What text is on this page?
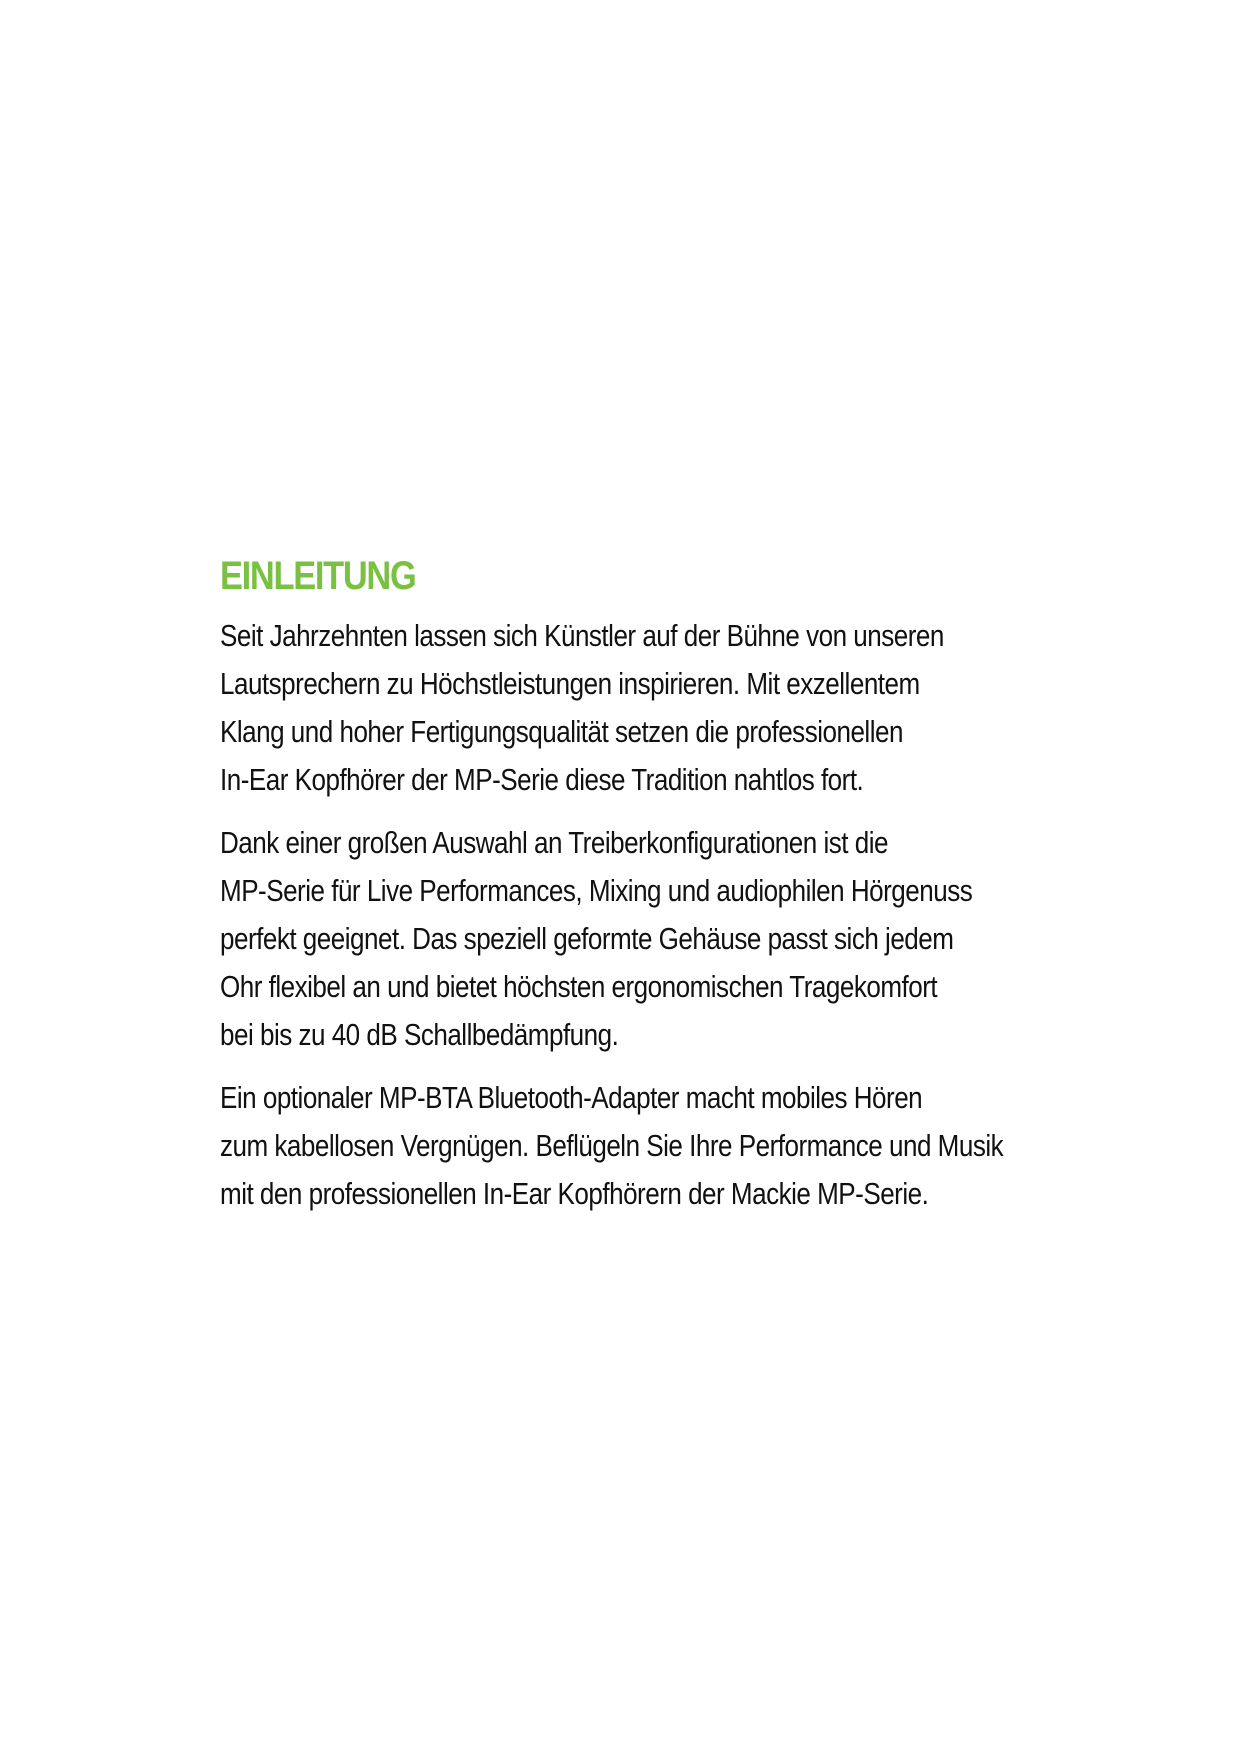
EINLEITUNG
Seit Jahrzehnten lassen sich Künstler auf der Bühne von unseren
Lautsprechern zu Höchstleistungen inspirieren. Mit exzellentem
Klang und hoher Fertigungsqualität setzen die professionellen
In-Ear Kopfhörer der MP-Serie diese Tradition nahtlos fort.
Dank einer großen Auswahl an Treiberkonfigurationen ist die
MP-Serie für Live Performances, Mixing und audiophilen Hörgenuss
perfekt geeignet. Das speziell geformte Gehäuse passt sich jedem
Ohr flexibel an und bietet höchsten ergonomischen Tragekomfort
bei bis zu 40 dB Schallbedämpfung.
Ein optionaler MP-BTA Bluetooth-Adapter macht mobiles Hören
zum kabellosen Vergnügen. Beflügeln Sie Ihre Performance und Musik
mit den professionellen In-Ear Kopfhörern der Mackie MP-Serie.
